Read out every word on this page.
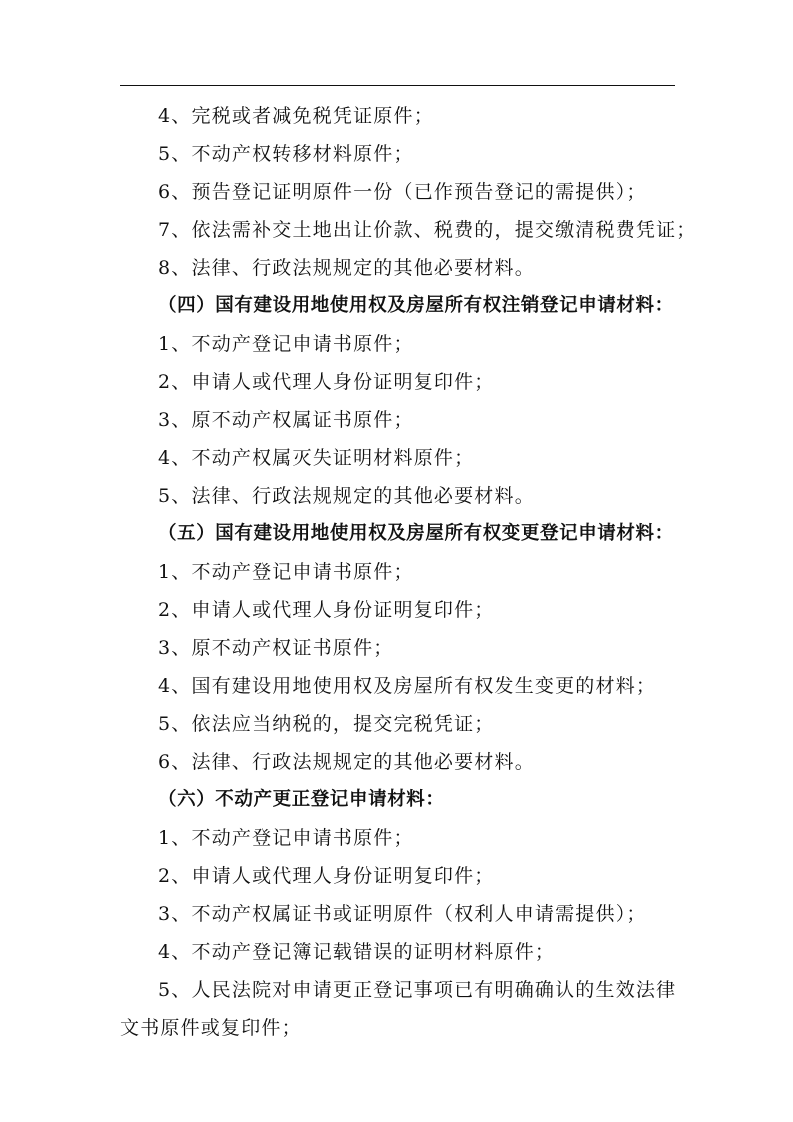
4、完税或者减免税凭证原件；
5、不动产权转移材料原件；
6、预告登记证明原件一份（已作预告登记的需提供）；
7、依法需补交土地出让价款、税费的，提交缴清税费凭证；
8、法律、行政法规规定的其他必要材料。
（四）国有建设用地使用权及房屋所有权注销登记申请材料：
1、不动产登记申请书原件；
2、申请人或代理人身份证明复印件；
3、原不动产权属证书原件；
4、不动产权属灭失证明材料原件；
5、法律、行政法规规定的其他必要材料。
（五）国有建设用地使用权及房屋所有权变更登记申请材料：
1、不动产登记申请书原件；
2、申请人或代理人身份证明复印件；
3、原不动产权证书原件；
4、国有建设用地使用权及房屋所有权发生变更的材料；
5、依法应当纳税的，提交完税凭证；
6、法律、行政法规规定的其他必要材料。
（六）不动产更正登记申请材料：
1、不动产登记申请书原件；
2、申请人或代理人身份证明复印件；
3、不动产权属证书或证明原件（权利人申请需提供）；
4、不动产登记簿记载错误的证明材料原件；
5、人民法院对申请更正登记事项已有明确确认的生效法律
文书原件或复印件；
